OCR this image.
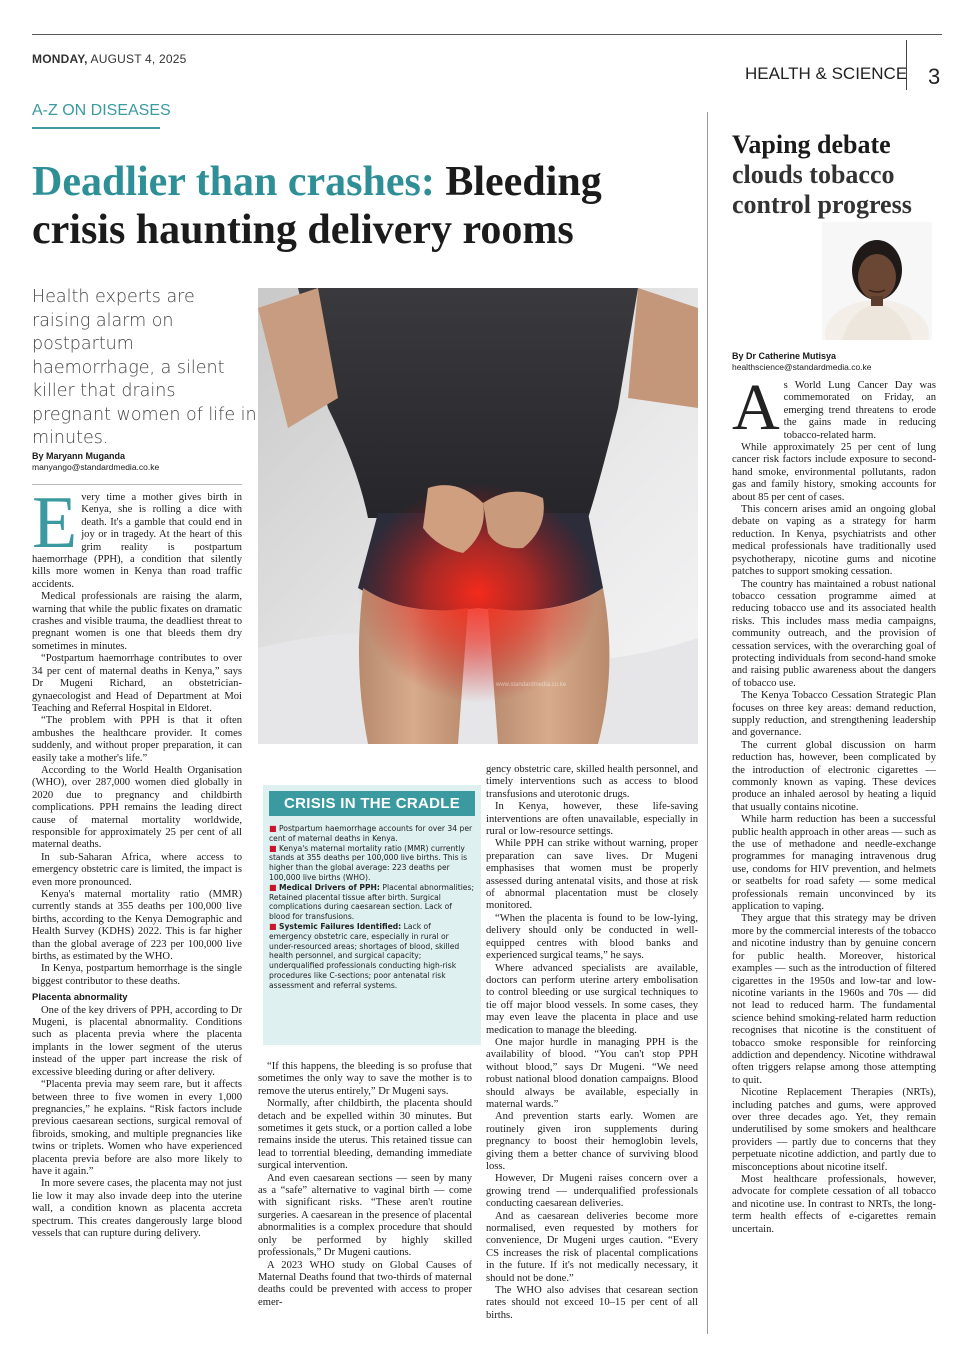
MONDAY, AUGUST 4, 2025
HEALTH & SCIENCE 3
A-Z ON DISEASES
Deadlier than crashes: Bleeding crisis haunting delivery rooms
Health experts are raising alarm on postpartum haemorrhage, a silent killer that drains pregnant women of life in minutes.
By Maryann Muganda
manyango@standardmedia.co.ke
www.standardmedia.co.ke
E very time a mother gives birth in Kenya, she is rolling a dice with death. It's a gamble that could end in joy or in tragedy. At the heart of this grim reality is postpartum haemorrhage (PPH), a condition that silently kills more women in Kenya than road traffic accidents.

Medical professionals are raising the alarm, warning that while the public fixates on dramatic crashes and visible trauma, the deadliest threat to pregnant women is one that bleeds them dry sometimes in minutes.

“Postpartum haemorrhage contributes to over 34 per cent of maternal deaths in Kenya,” says Dr Mugeni Richard, an obstetrician-gynaecologist and Head of Department at Moi Teaching and Referral Hospital in Eldoret.

“The problem with PPH is that it often ambushes the healthcare provider. It comes suddenly, and without proper preparation, it can easily take a mother's life.”

According to the World Health Organisation (WHO), over 287,000 women died globally in 2020 due to pregnancy and childbirth complications. PPH remains the leading direct cause of maternal mortality worldwide, responsible for approximately 25 per cent of all maternal deaths.

In sub-Saharan Africa, where access to emergency obstetric care is limited, the impact is even more pronounced.

Kenya's maternal mortality ratio (MMR) currently stands at 355 deaths per 100,000 live births, according to the Kenya Demographic and Health Survey (KDHS) 2022. This is far higher than the global average of 223 per 100,000 live births, as estimated by the WHO.

In Kenya, postpartum hemorrhage is the single biggest contributor to these deaths.

Placenta abnormality

One of the key drivers of PPH, according to Dr Mugeni, is placental abnormality. Conditions such as placenta previa where the placenta implants in the lower segment of the uterus instead of the upper part increase the risk of excessive bleeding during or after delivery.

“Placenta previa may seem rare, but it affects between three to five women in every 1,000 pregnancies,” he explains. “Risk factors include previous caesarean sections, surgical removal of fibroids, smoking, and multiple pregnancies like twins or triplets. Women who have experienced placenta previa before are also more likely to have it again.”

In more severe cases, the placenta may not just lie low it may also invade deep into the uterine wall, a condition known as placenta accreta spectrum. This creates dangerously large blood vessels that can rupture during delivery.

CRISIS IN THE CRADLE

■ Postpartum haemorrhage accounts for over 34 per cent of maternal deaths in Kenya.

■ Kenya's maternal mortality ratio (MMR) currently stands at 355 deaths per 100,000 live births. This is higher than the global average: 223 deaths per 100,000 live births (WHO).

■ Medical Drivers of PPH: Placental abnormalities; Retained placental tissue after birth. Surgical complications during caesarean section. Lack of blood for transfusions.

■ Systemic Failures Identified: Lack of emergency obstetric care, especially in rural or under-resourced areas; shortages of blood, skilled health personnel, and surgical capacity; underqualified professionals conducting high-risk procedures like C-sections; poor antenatal risk assessment and referral systems.

“If this happens, the bleeding is so profuse that sometimes the only way to save the mother is to remove the uterus entirely,” Dr Mugeni says.

Normally, after childbirth, the placenta should detach and be expelled within 30 minutes. But sometimes it gets stuck, or a portion called a lobe remains inside the uterus. This retained tissue can lead to torrential bleeding, demanding immediate surgical intervention.

And even caesarean sections — seen by many as a “safe” alternative to vaginal birth — come with significant risks. “These aren't routine surgeries. A caesarean in the presence of placental abnormalities is a complex procedure that should only be performed by highly skilled professionals,” Dr Mugeni cautions.

A 2023 WHO study on Global Causes of Maternal Deaths found that two-thirds of maternal deaths could be prevented with access to proper emer-

gency obstetric care, skilled health personnel, and timely interventions such as access to blood transfusions and uterotonic drugs.

In Kenya, however, these life-saving interventions are often unavailable, especially in rural or low-resource settings.

While PPH can strike without warning, proper preparation can save lives. Dr Mugeni emphasises that women must be properly assessed during antenatal visits, and those at risk of abnormal placentation must be closely monitored.

“When the placenta is found to be low-lying, delivery should only be conducted in well-equipped centres with blood banks and experienced surgical teams,” he says.

Where advanced specialists are available, doctors can perform uterine artery embolisation to control bleeding or use surgical techniques to tie off major blood vessels. In some cases, they may even leave the placenta in place and use medication to manage the bleeding.

One major hurdle in managing PPH is the availability of blood. “You can't stop PPH without blood,” says Dr Mugeni. “We need robust national blood donation campaigns. Blood should always be available, especially in maternal wards.”

And prevention starts early. Women are routinely given iron supplements during pregnancy to boost their hemoglobin levels, giving them a better chance of surviving blood loss.

However, Dr Mugeni raises concern over a growing trend — underqualified professionals conducting caesarean deliveries.

And as caesarean deliveries become more normalised, even requested by mothers for convenience, Dr Mugeni urges caution. “Every CS increases the risk of placental complications in the future. If it's not medically necessary, it should not be done.”

The WHO also advises that cesarean section rates should not exceed 10–15 per cent of all births.

Vaping debate
clouds tobacco control progress
By Dr Catherine Mutisya
healthscience@standardmedia.co.ke
A s World Lung Cancer Day was commemorated on Friday, an emerging trend threatens to erode the gains made in reducing tobacco-related harm.

While approximately 25 per cent of lung cancer risk factors include exposure to second-hand smoke, environmental pollutants, radon gas and family history, smoking accounts for about 85 per cent of cases.

This concern arises amid an ongoing global debate on vaping as a strategy for harm reduction. In Kenya, psychiatrists and other medical professionals have traditionally used psychotherapy, nicotine gums and nicotine patches to support smoking cessation.

The country has maintained a robust national tobacco cessation programme aimed at reducing tobacco use and its associated health risks. This includes mass media campaigns, community outreach, and the provision of cessation services, with the overarching goal of protecting individuals from second-hand smoke and raising public awareness about the dangers of tobacco use.

The Kenya Tobacco Cessation Strategic Plan focuses on three key areas: demand reduction, supply reduction, and strengthening leadership and governance.

The current global discussion on harm reduction has, however, been complicated by the introduction of electronic cigarettes — commonly known as vaping. These devices produce an inhaled aerosol by heating a liquid that usually contains nicotine.

While harm reduction has been a successful public health approach in other areas — such as the use of methadone and needle-exchange programmes for managing intravenous drug use, condoms for HIV prevention, and helmets or seatbelts for road safety — some medical professionals remain unconvinced by its application to vaping.

They argue that this strategy may be driven more by the commercial interests of the tobacco and nicotine industry than by genuine concern for public health. Moreover, historical examples — such as the introduction of filtered cigarettes in the 1950s and low-tar and low-nicotine variants in the 1960s and 70s — did not lead to reduced harm. The fundamental science behind smoking-related harm reduction recognises that nicotine is the constituent of tobacco smoke responsible for reinforcing addiction and dependency. Nicotine withdrawal often triggers relapse among those attempting to quit.

Nicotine Replacement Therapies (NRTs), including patches and gums, were approved over three decades ago. Yet, they remain underutilised by some smokers and healthcare providers — partly due to concerns that they perpetuate nicotine addiction, and partly due to misconceptions about nicotine itself.

Most healthcare professionals, however, advocate for complete cessation of all tobacco and nicotine use. In contrast to NRTs, the long-term health effects of e-cigarettes remain uncertain.
